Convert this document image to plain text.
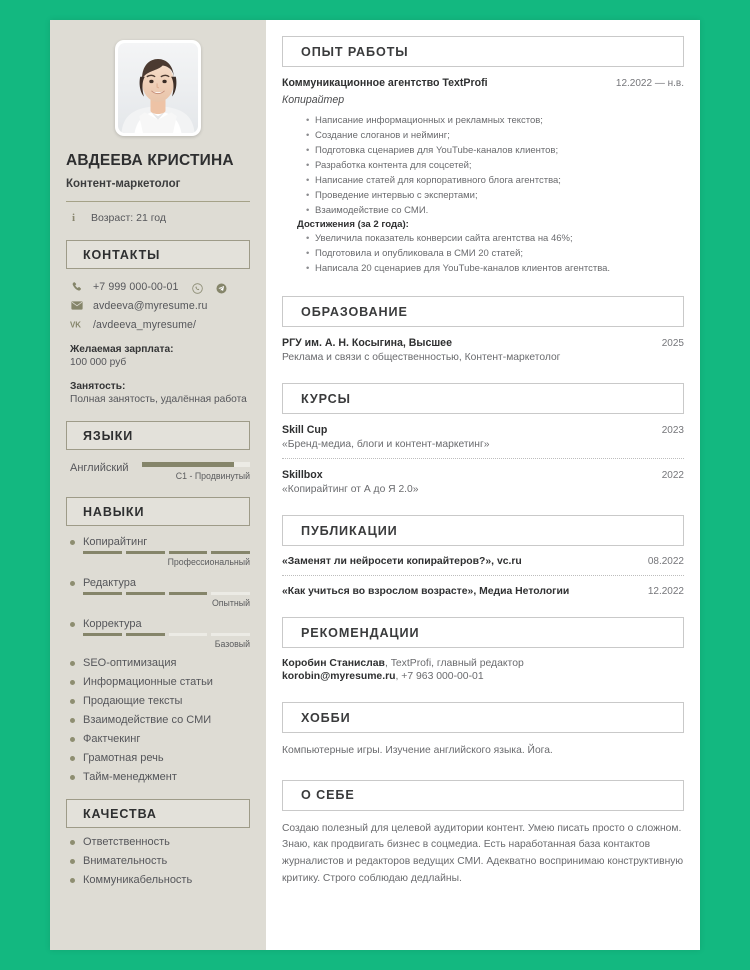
АВДЕЕВА КРИСТИНА
Контент-маркетолог
i	Возраст: 21 год
КОНТАКТЫ
+7 999 000-00-01
avdeeva@myresume.ru
VK /avdeeva_myresume/
Желаемая зарплата:
100 000 руб
Занятость:
Полная занятость, удалённая работа
ЯЗЫКИ
Английский
C1 - Продвинутый
НАВЫКИ
Копирайтинг
Профессиональный
Редактура
Опытный
Корректура
Базовый
SEO-оптимизация
Информационные статьи
Продающие тексты
Взаимодействие со СМИ
Фактчекинг
Грамотная речь
Тайм-менеджмент
КАЧЕСТВА
Ответственность
Внимательность
Коммуникабельность
ОПЫТ РАБОТЫ
Коммуникационное агентство TextProfi	12.2022 — н.в.
Копирайтер
• Написание информационных и рекламных текстов;
• Создание слоганов и нейминг;
• Подготовка сценариев для YouTube-каналов клиентов;
• Разработка контента для соцсетей;
• Написание статей для корпоративного блога агентства;
• Проведение интервью с экспертами;
• Взаимодействие со СМИ.
Достижения (за 2 года):
• Увеличила показатель конверсии сайта агентства на 46%;
• Подготовила и опубликовала в СМИ 20 статей;
• Написала 20 сценариев для YouTube-каналов клиентов агентства.
ОБРАЗОВАНИЕ
РГУ им. А. Н. Косыгина, Высшее	2025
Реклама и связи с общественностью, Контент-маркетолог
КУРСЫ
Skill Cup	2023
«Бренд-медиа, блоги и контент-маркетинг»
Skillbox	2022
«Копирайтинг от А до Я 2.0»
ПУБЛИКАЦИИ
«Заменят ли нейросети копирайтеров?», vc.ru	08.2022
«Как учиться во взрослом возрасте», Медиа Нетологии	12.2022
РЕКОМЕНДАЦИИ
Коробин Станислав, TextProfi, главный редактор
korobin@myresume.ru, +7 963 000-00-01
ХОББИ
Компьютерные игры. Изучение английского языка. Йога.
О СЕБЕ
Создаю полезный для целевой аудитории контент. Умею писать просто о сложном. Знаю, как продвигать бизнес в соцмедиа. Есть наработанная база контактов журналистов и редакторов ведущих СМИ. Адекватно воспринимаю конструктивную критику. Строго соблюдаю дедлайны.
